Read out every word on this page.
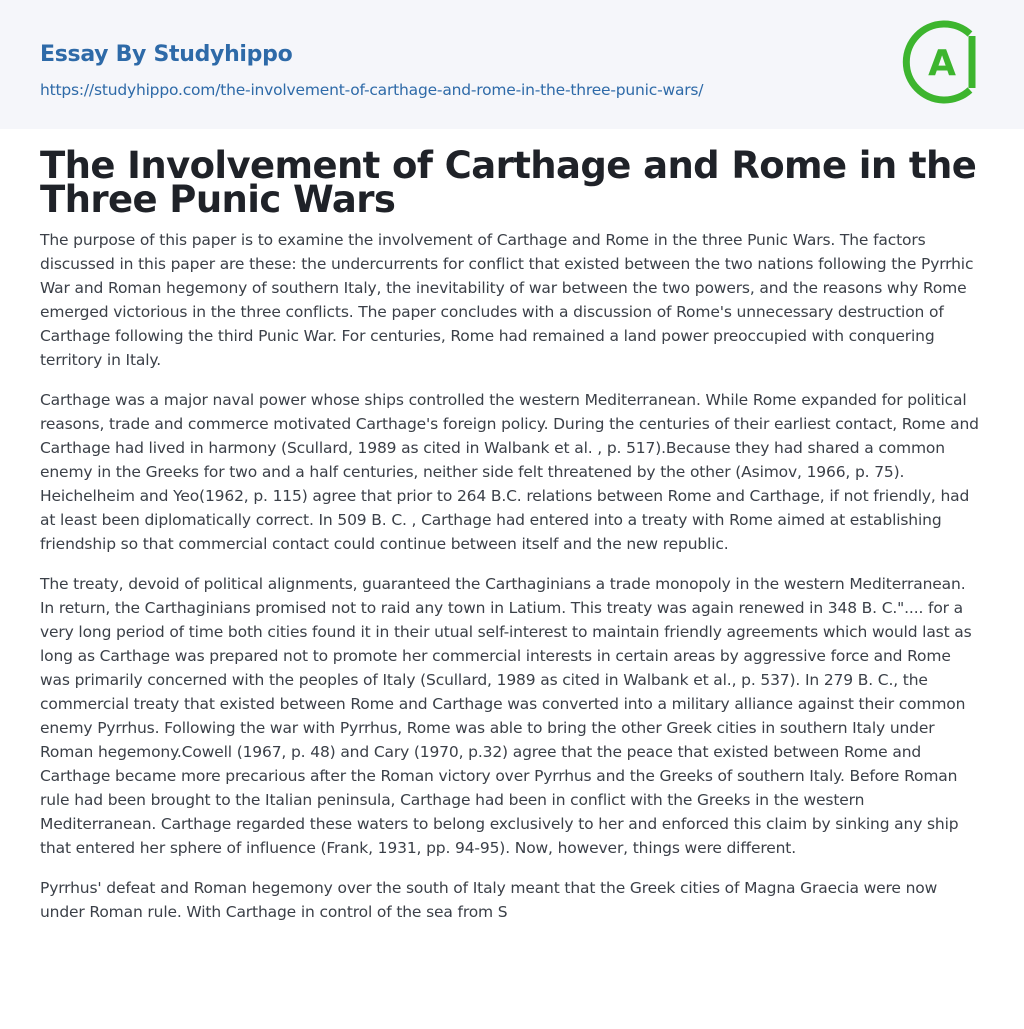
Essay By Studyhippo
https://studyhippo.com/the-involvement-of-carthage-and-rome-in-the-three-punic-wars/
A
The Involvement of Carthage and Rome in the Three Punic Wars

The purpose of this paper is to examine the involvement of Carthage and Rome in the three Punic Wars. The factors discussed in this paper are these: the undercurrents for conflict that existed between the two nations following the Pyrrhic War and Roman hegemony of southern Italy, the inevitability of war between the two powers, and the reasons why Rome emerged victorious in the three conflicts. The paper concludes with a discussion of Rome's unnecessary destruction of Carthage following the third Punic War. For centuries, Rome had remained a land power preoccupied with conquering territory in Italy.

Carthage was a major naval power whose ships controlled the western Mediterranean. While Rome expanded for political reasons, trade and commerce motivated Carthage's foreign policy. During the centuries of their earliest contact, Rome and Carthage had lived in harmony (Scullard, 1989 as cited in Walbank et al. , p. 517).Because they had shared a common enemy in the Greeks for two and a half centuries, neither side felt threatened by the other (Asimov, 1966, p. 75). Heichelheim and Yeo(1962, p. 115) agree that prior to 264 B.C. relations between Rome and Carthage, if not friendly, had at least been diplomatically correct. In 509 B. C. , Carthage had entered into a treaty with Rome aimed at establishing friendship so that commercial contact could continue between itself and the new republic.

The treaty, devoid of political alignments, guaranteed the Carthaginians a trade monopoly in the western Mediterranean. In return, the Carthaginians promised not to raid any town in Latium. This treaty was again renewed in 348 B. C.".... for a very long period of time both cities found it in their utual self-interest to maintain friendly agreements which would last as long as Carthage was prepared not to promote her commercial interests in certain areas by aggressive force and Rome was primarily concerned with the peoples of Italy (Scullard, 1989 as cited in Walbank et al., p. 537). In 279 B. C., the commercial treaty that existed between Rome and Carthage was converted into a military alliance against their common enemy Pyrrhus. Following the war with Pyrrhus, Rome was able to bring the other Greek cities in southern Italy under Roman hegemony.Cowell (1967, p. 48) and Cary (1970, p.32) agree that the peace that existed between Rome and Carthage became more precarious after the Roman victory over Pyrrhus and the Greeks of southern Italy. Before Roman rule had been brought to the Italian peninsula, Carthage had been in conflict with the Greeks in the western Mediterranean. Carthage regarded these waters to belong exclusively to her and enforced this claim by sinking any ship that entered her sphere of influence (Frank, 1931, pp. 94-95). Now, however, things were different.

Pyrrhus' defeat and Roman hegemony over the south of Italy meant that the Greek cities of Magna Graecia were now under Roman rule. With Carthage in control of the sea from S
